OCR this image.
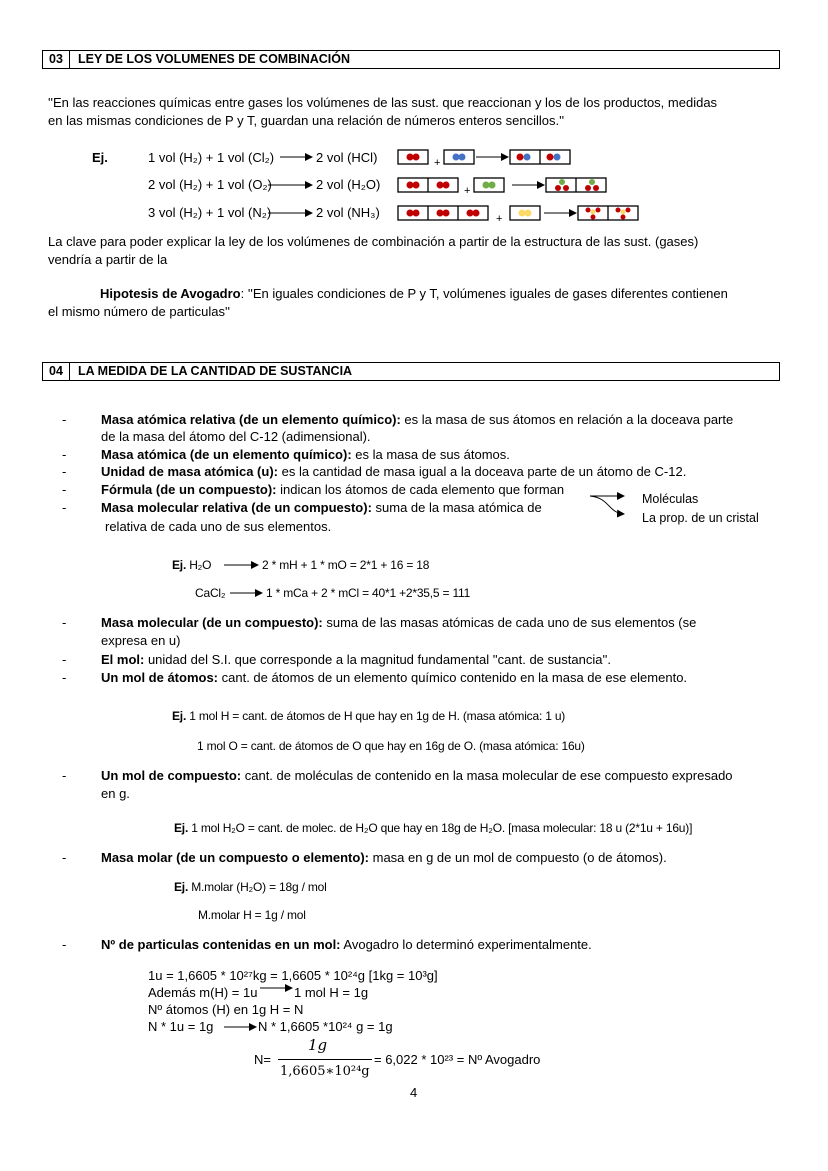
03 LEY DE LOS VOLUMENES DE COMBINACIÓN
''En las reacciones químicas entre gases los volúmenes de las sust. que reaccionan y los de los productos, medidas
en las mismas condiciones de P y T, guardan una relación de números enteros sencillos.''
Ej.	1 vol (H₂) + 1 vol (Cl₂)	2 vol (HCl)
2 vol (H₂) + 1 vol (O₂)	2 vol (H₂O)
3 vol (H₂) + 1 vol (N₂)	2 vol (NH₃)
+
+
+
La clave para poder explicar la ley de los volúmenes de combinación a partir de la estructura de las sust. (gases)
vendría a partir de la
Hipotesis de Avogadro: ''En iguales condiciones de P y T, volúmenes iguales de gases diferentes contienen
el mismo número de particulas''
04 LA MEDIDA DE LA CANTIDAD DE SUSTANCIA
-	Masa atómica relativa (de un elemento químico): es la masa de sus átomos en relación a la doceava parte
de la masa del átomo del C-12 (adimensional).
-	Masa atómica (de un elemento químico): es la masa de sus átomos.
-	Unidad de masa atómica (u): es la cantidad de masa igual a la doceava parte de un átomo de C-12.
-	Fórmula (de un compuesto): indican los átomos de cada elemento que forman
Moléculas
La prop. de un cristal
-	Masa molecular relativa (de un compuesto): suma de la masa atómica de
relativa de cada uno de sus elementos.
Ej. H₂O	2 * mH + 1 * mO = 2*1 + 16 = 18
CaCl₂	1 * mCa + 2 * mCl = 40*1 +2*35,5 = 111
-	Masa molecular (de un compuesto): suma de las masas atómicas de cada uno de sus elementos (se
expresa en u)
-	El mol: unidad del S.I. que corresponde a la magnitud fundamental ''cant. de sustancia''.
-	Un mol de átomos: cant. de átomos de un elemento químico contenido en la masa de ese elemento.
Ej. 1 mol H = cant. de átomos de H que hay en 1g de H. (masa atómica: 1 u)
1 mol O = cant. de átomos de O que hay en 16g de O. (masa atómica: 16u)
-	Un mol de compuesto: cant. de moléculas de contenido en la masa molecular de ese compuesto expresado
en g.
Ej. 1 mol H₂O = cant. de molec. de H₂O que hay en 18g de H₂O. [masa molecular: 18 u (2*1u + 16u)]
-	Masa molar (de un compuesto o elemento): masa en g de un mol de compuesto (o de átomos).
Ej. M.molar (H₂O) = 18g / mol
M.molar H = 1g / mol
-	Nº de particulas contenidas en un mol: Avogadro lo determinó experimentalmente.
1u = 1,6605 * 10²⁷kg = 1,6605 * 10²⁴g [1kg = 10³g]
Además m(H) = 1u	1 mol H = 1g
Nº átomos (H) en 1g H = N
N * 1u = 1g	N * 1,6605 *10²⁴ g = 1g
N=
1g
1,6605∗10²⁴g
= 6,022 * 10²³ = Nº Avogadro
4
